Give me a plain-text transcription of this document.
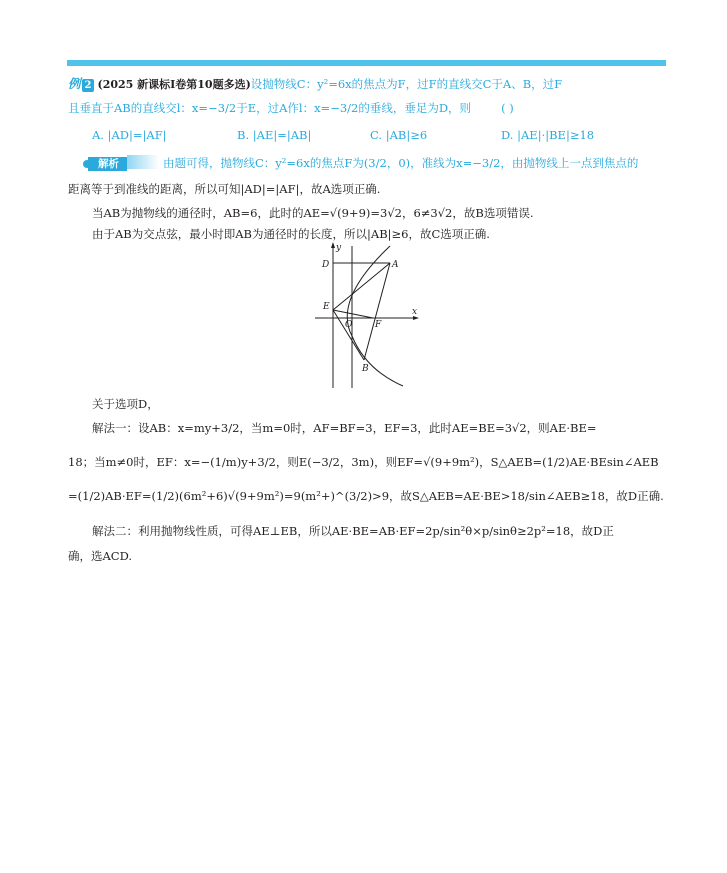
例 2 (2025 新课标Ⅰ卷第10题多选)设抛物线C：y²=6x的焦点为F，过F的直线交C于A、B，过F
且垂直于AB的直线交l：x=−3/2于E，过A作l：x=−3/2的垂线，垂足为D，则	( )
A. |AD|=|AF|	B. |AE|=|AB|	C. |AB|≥6	D. |AE|·|BE|≥18
解析	由题可得，抛物线C：y²=6x的焦点F为(3/2，0)，准线为x=−3/2，由抛物线上一点到焦点的
距离等于到准线的距离，所以可知|AD|=|AF|，故A选项正确.
当AB为抛物线的通径时，AB=6，此时的AE=√(9+9)=3√2，6≠3√2，故B选项错误.
由于AB为交点弦，最小时即AB为通径时的长度，所以|AB|≥6，故C选项正确.
y
x
D	A
E
O	F
B
关于选项D，
解法一：设AB：x=my+3/2，当m=0时，AF=BF=3，EF=3，此时AE=BE=3√2，则AE·BE=
18；当m≠0时，EF：x=−(1/m)y+3/2，则E(−3/2，3m)，则EF=√(9+9m²)，S△AEB=(1/2)AE·BEsin∠AEB
=(1/2)AB·EF=(1/2)(6m²+6)√(9+9m²)=9(m²+)^(3/2)>9，故S△AEB=AE·BE>18/sin∠AEB≥18，故D正确.
解法二：利用抛物线性质，可得AE⊥EB，所以AE·BE=AB·EF=2p/sin²θ×p/sinθ≥2p²=18，故D正
确，选ACD.
